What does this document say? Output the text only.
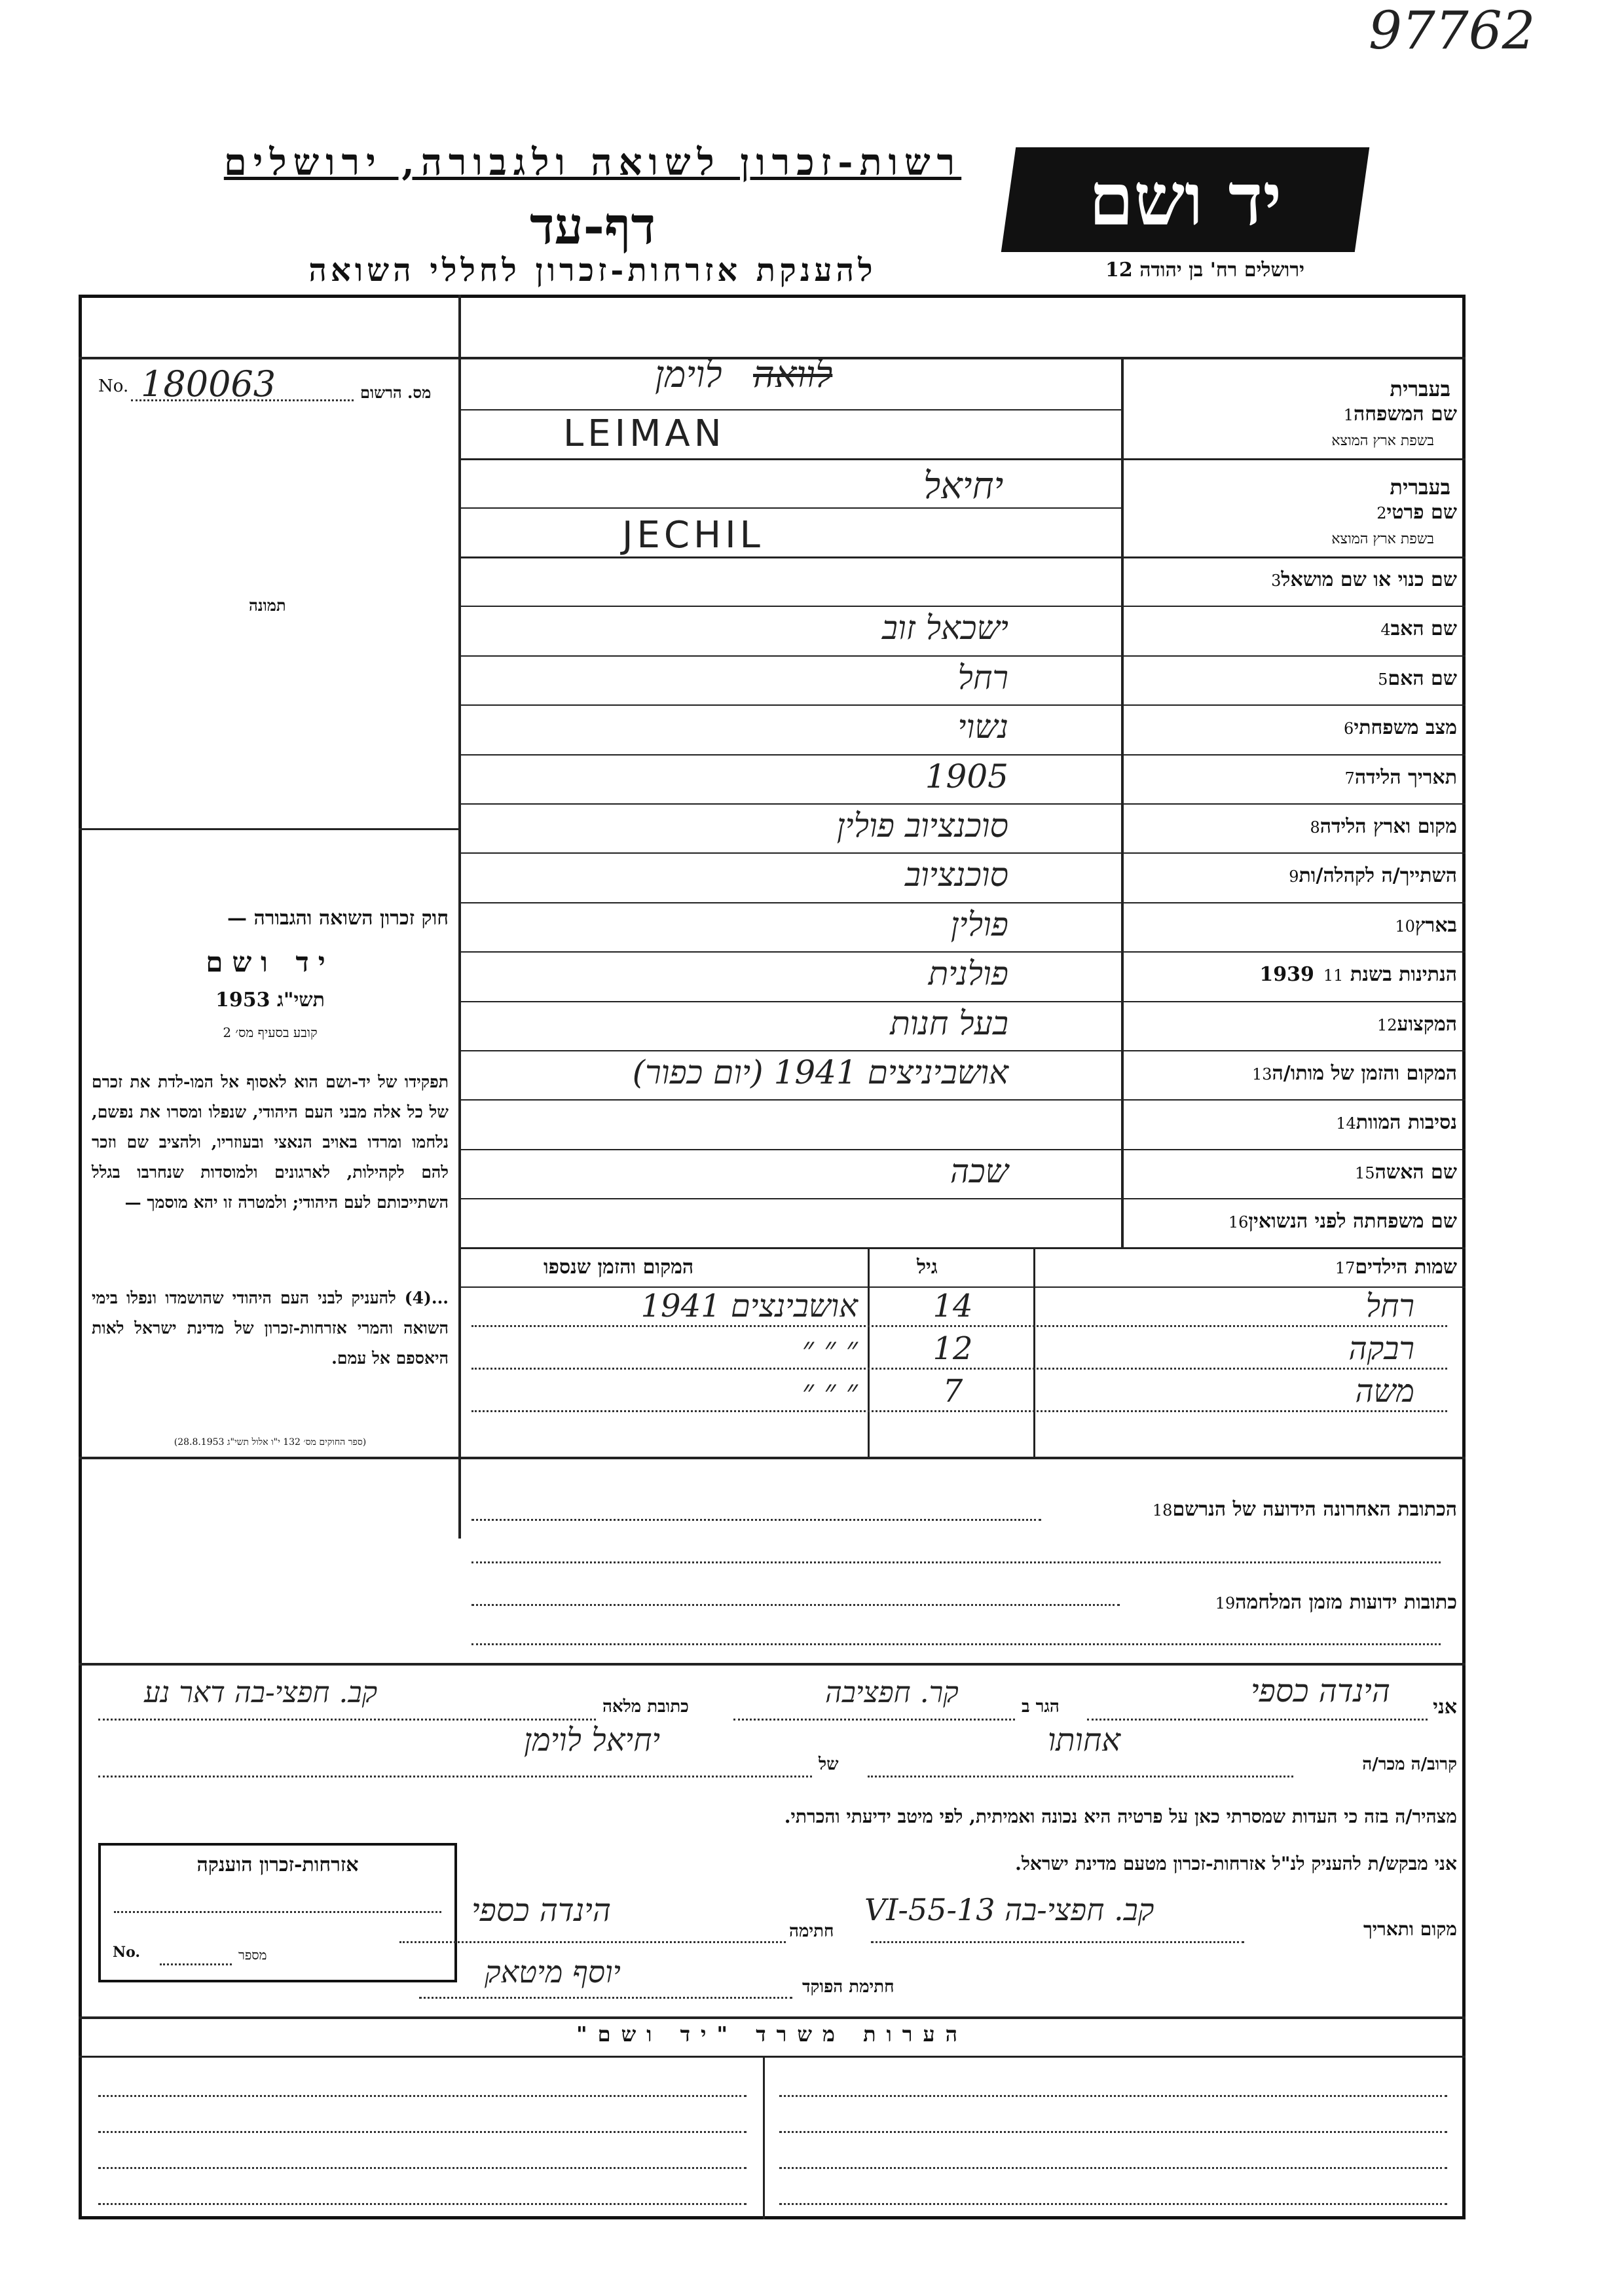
97762
רשות-זכרון לשואה ולגבורה, ירושלים
דף-עד
להענקת אזרחות-זכרון לחללי השואה
יד ושם
ירושלים רח' בן יהודה 12
No. 180063	מס. הרשום
תמונה
חוק זכרון השואה והגבורה —
יד ושם
תשי"ג 1953
קובע בסעיף מס׳ 2
תפקידו של יד-ושם הוא לאסוף אל המו-לדת את זכרם של כל אלה מבני העם היהודי, שנפלו ומסרו את נפשם, נלחמו ומרדו באויב הנאצי ובעוזריו, ולהציב שם וזכר להם לקהילות, לארגונים ולמוסדות שנחרבו בגלל השתייכותם לעם היהודי; ולמטרה זו יהא מוסמך —
...(4) להעניק לבני העם היהודי שהושמדו ונפלו בימי השואה והמרי אזרחות-זכרון של מדינת ישראל לאות היאספם אל עמם.
(ספר החוקים מס׳ 132 י"ו אלול תשי"ג 28.8.1953)
שם כנוי או שם מושאל3
שם האב4
ישכאל זוב
שם האם5
רחל
מצב משפחתי6
נשוי
תאריך הלידה7
1905
מקום וארץ הלידה8
סוכנציוב פולין
השתייך/ה לקהלה/ות9
סוכנציוב
בארץ10
פולין
הנתינות בשנת 193911
פולנית
המקצוע12
בעל חנות
המקום והזמן של מותו/ה13
אושביניצים 1941 (יום כפור)
נסיבות המוות14
שם האשה15
שכה
שם משפחתה לפני הנשואין16
בעברית
שם המשפחה1
בשפת ארץ המוצא
לוואה
לוימן
LEIMAN
בעברית
שם פרטי2
בשפת ארץ המוצא
יחיאל
JECHIL
שמות הילדים17
גיל
המקום והזמן שנספו
רחל
14
אושבינצים 1941
רבקה
12
״ ״ ״
משה
7
״ ״ ״
הכתובת האחרונה הידועה של הנרשם18
כתובות ידועות מזמן המלחמה19
אני
הינדה כספי
הגר ב
קר. חפציבה
כתובת מלאה
קב. חפצי-בה דאר נע
קרוב/ה מכר/ה
אחותו
של
יחיאל לוימן
מצהיר/ה בזה כי העדות שמסרתי כאן על פרטיה היא נכונה ואמיתית, לפי מיטב ידיעתי והכרתי.
אני מבקש/ת להעניק לנ"ל אזרחות-זכרון מטעם מדינת ישראל.
אזרחות-זכרון הוענקה
No.	מספר
מקום ותאריך
קב. חפצי-בה 13-VI-55
חתימה
הינדה כספי
חתימת הפוקד
יוסף מיטאק
הערות משרד "יד ושם"
